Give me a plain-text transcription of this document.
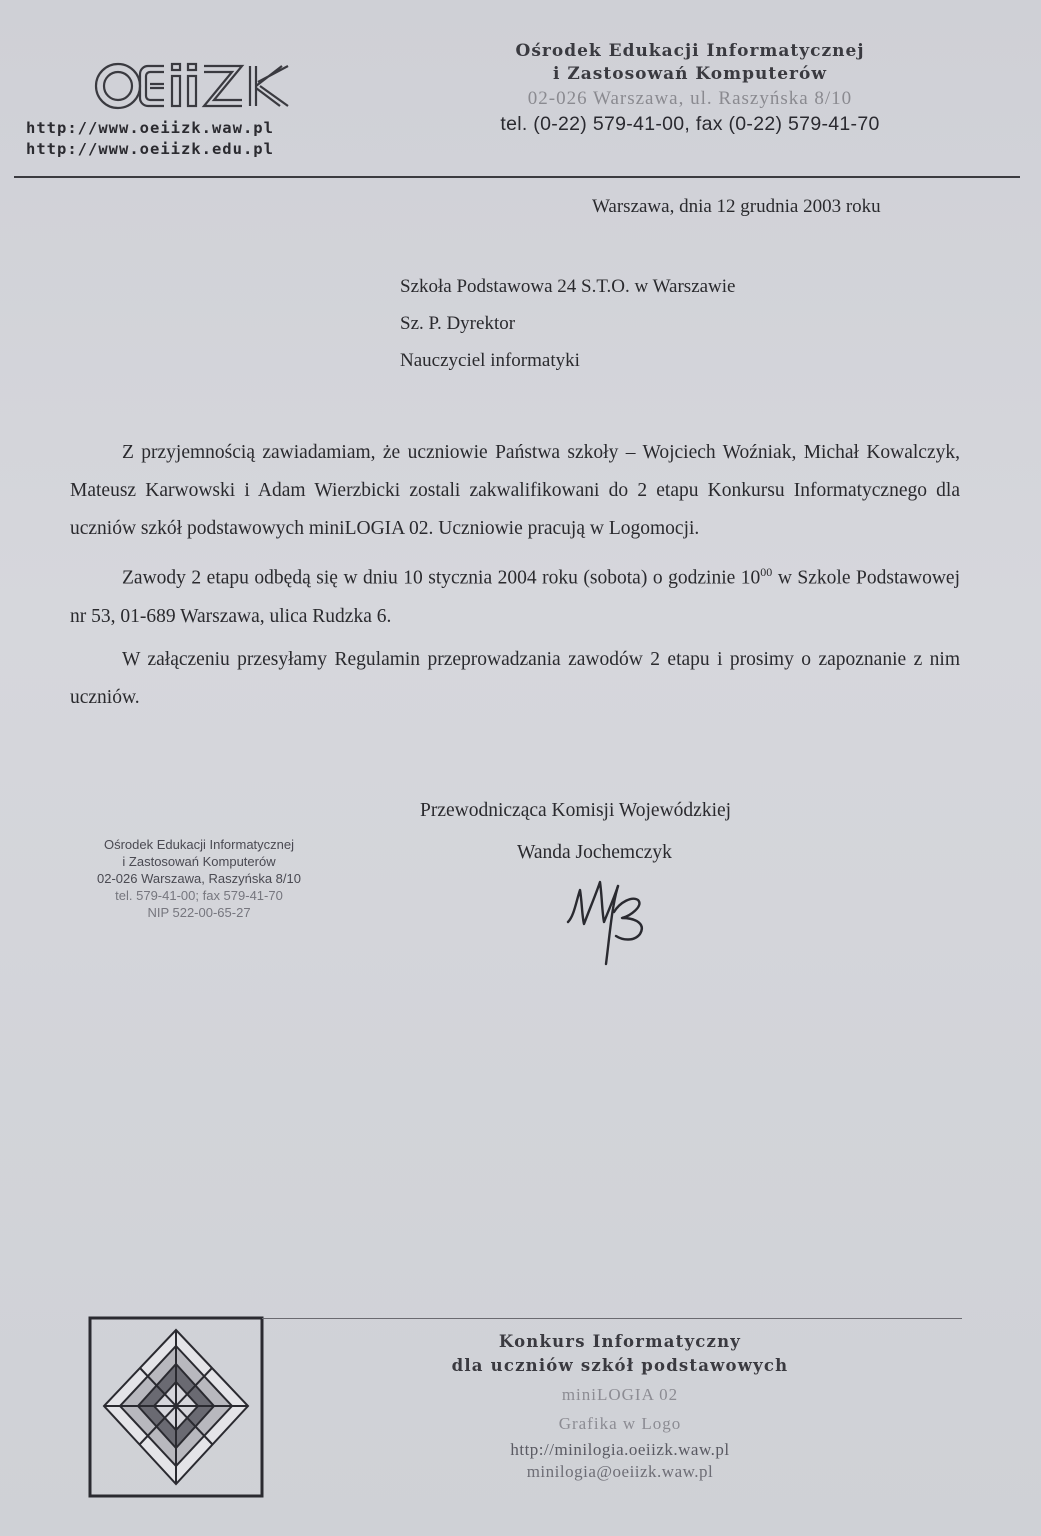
OEiiZK
http://www.oeiizk.waw.pl
http://www.oeiizk.edu.pl
Ośrodek Edukacji Informatycznej
i Zastosowań Komputerów
02-026 Warszawa, ul. Raszyńska 8/10
tel. (0-22) 579-41-00, fax (0-22) 579-41-70
Warszawa, dnia 12 grudnia 2003 roku
Szkoła Podstawowa 24 S.T.O. w Warszawie
Sz. P. Dyrektor
Nauczyciel informatyki

Z przyjemnością zawiadamiam, że uczniowie Państwa szkoły – Wojciech Woźniak, Michał Kowalczyk, Mateusz Karwowski i Adam Wierzbicki zostali zakwalifikowani do 2 etapu Konkursu Informatycznego dla uczniów szkół podstawowych miniLOGIA 02. Uczniowie pracują w Logomocji.

Zawody 2 etapu odbędą się w dniu 10 stycznia 2004 roku (sobota) o godzinie $10^{00}$ w Szkole Podstawowej nr 53, 01-689 Warszawa, ulica Rudzka 6.

W załączeniu przesyłamy Regulamin przeprowadzania zawodów 2 etapu i prosimy o zapoznanie z nim uczniów.

Przewodnicząca Komisji Wojewódzkiej
Wanda Jochemczyk
WJ
Ośrodek Edukacji Informatycznej
i Zastosowań Komputerów
02-026 Warszawa, Raszyńska 8/10
tel. 579-41-00; fax 579-41-70
NIP 522-00-65-27
Konkurs Informatyczny
dla uczniów szkół podstawowych
miniLOGIA 02
Grafika w Logo
http://minilogia.oeiizk.waw.pl
minilogia@oeiizk.waw.pl
